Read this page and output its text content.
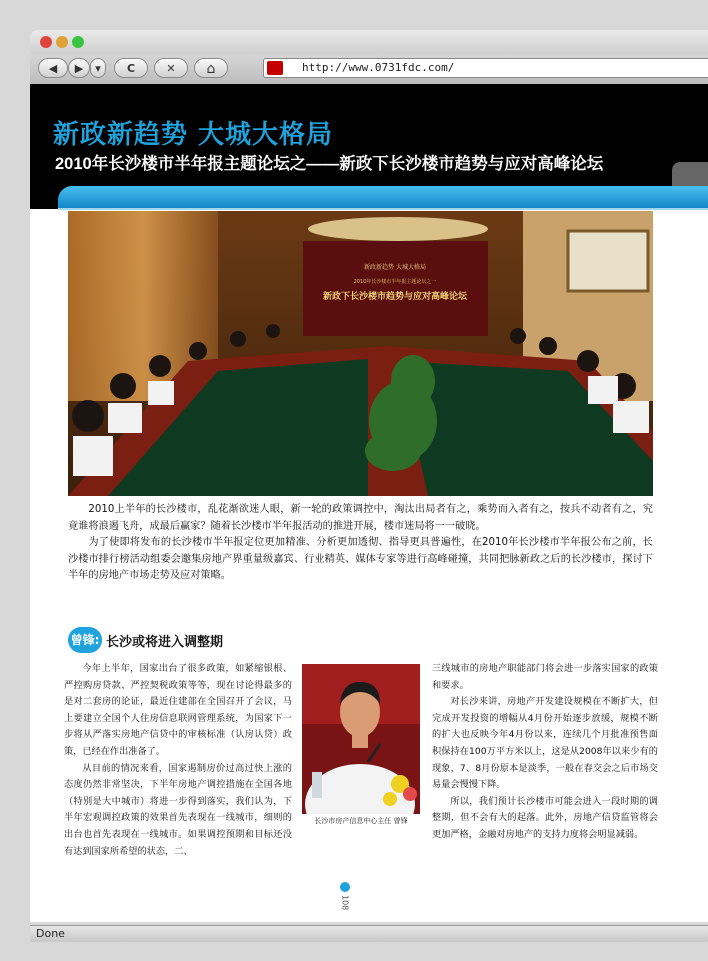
◀	▶	▾	C	✕	⌂	http://www.0731fdc.com/
新政新趋势 大城大格局
2010年长沙楼市半年报主题论坛之——新政下长沙楼市趋势与应对高峰论坛
新政新趋势 大城大格局
2010年长沙楼市半年报主题论坛之一
新政下长沙楼市趋势与应对高峰论坛

2010上半年的长沙楼市，乱花渐欲迷人眼，新一轮的政策调控中，淘汰出局者有之，乘势而入者有之，按兵不动者有之，究竟谁将浪遏飞舟，成最后赢家？随着长沙楼市半年报活动的推进开展，楼市迷局将一一破晓。

为了使即将发布的长沙楼市半年报定位更加精准、分析更加透彻、指导更具普遍性，在2010年长沙楼市半年报公布之前，长沙楼市排行榜活动组委会邀集房地产界重量级嘉宾、行业精英、媒体专家等进行高峰碰撞，共同把脉新政之后的长沙楼市，探讨下半年的房地产市场走势及应对策略。

曾锋: 长沙或将进入调整期

今年上半年，国家出台了很多政策，如紧缩银根、严控购房贷款、严控契税政策等等，现在讨论得最多的是对二套房的论证，最近住建部在全国召开了会议，马上要建立全国个人住房信息联网管理系统，为国家下一步将从严落实房地产信贷中的审核标准（认房认贷）政策，已经在作出准备了。

从目前的情况来看，国家遏制房价过高过快上涨的态度仍然非常坚决，下半年房地产调控措施在全国各地（特别是大中城市）将进一步得到落实，我们认为，下半年宏观调控政策的效果首先表现在一线城市，细则的出台也首先表现在一线城市。如果调控预期和目标还没有达到国家所希望的状态，二、

长沙市房产信息中心主任 曾锋

三线城市的房地产职能部门将会进一步落实国家的政策和要求。

对长沙来讲，房地产开发建设规模在不断扩大，但完成开发投资的增幅从4月份开始逐步放缓，规模不断的扩大也反映今年4月份以来，连续几个月批准预售面积保持在100万平方米以上，这是从2008年以来少有的现象，7、8月份原本是淡季，一般在春交会之后市场交易量会慢慢下降。

所以，我们预计长沙楼市可能会进入一段时期的调整期，但不会有大的起落。此外，房地产信贷监管将会更加严格，金融对房地产的支持力度将会明显减弱。

108
Done
